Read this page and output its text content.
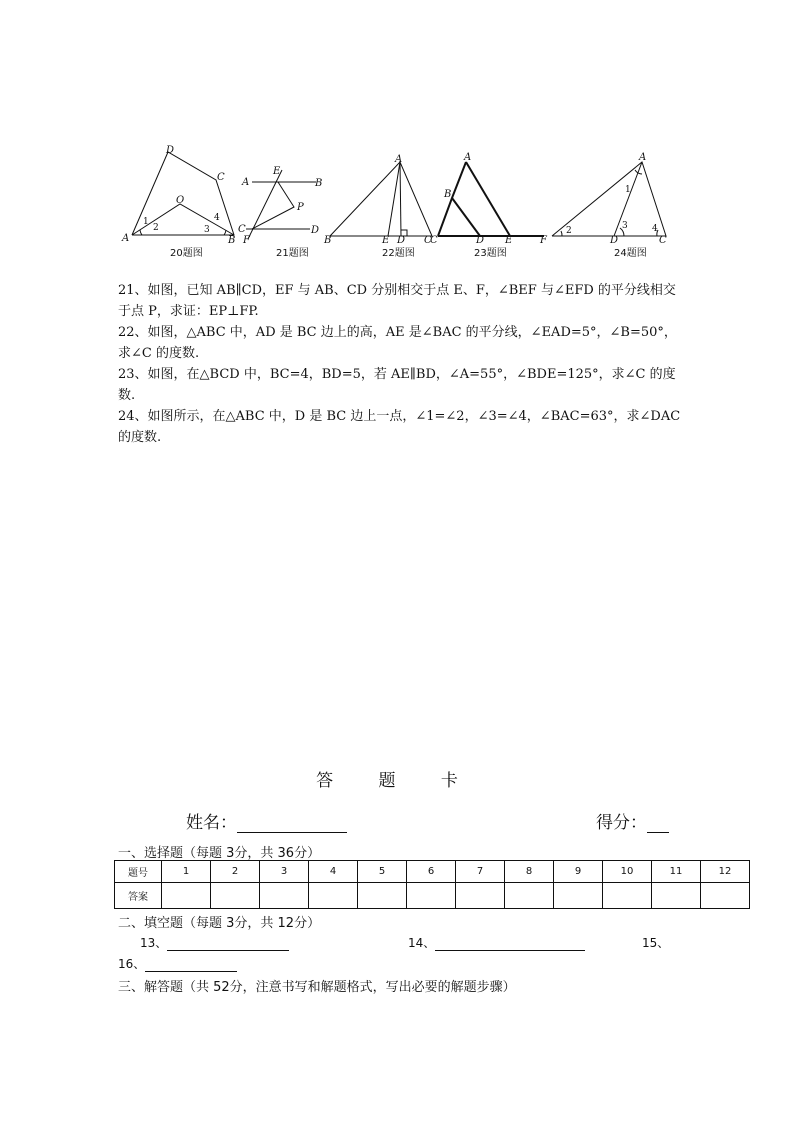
D
C
O
A	B
1
2	3
4
20题图
E
A	B
P
C	D
F
21题图
A
B	E D C
22题图
A
B
C	D E
23题图
A
F	D	C
1
2	3	4
24题图

21、如图，已知 AB∥CD，EF 与 AB、CD 分别相交于点 E、F，∠BEF 与∠EFD 的平分线相交于点 P，求证：EP⊥FP.

22、如图，△ABC 中，AD 是 BC 边上的高，AE 是∠BAC 的平分线，∠EAD=5°，∠B=50°，求∠C 的度数.

23、如图，在△BCD 中，BC=4，BD=5，若 AE∥BD，∠A=55°，∠BDE=125°，求∠C 的度数.

24、如图所示，在△ABC 中，D 是 BC 边上一点，∠1=∠2，∠3=∠4，∠BAC=63°，求∠DAC 的度数.

答 题 卡
姓名：	得分：
一、选择题（每题 3分，共 36分）
题号	1	2	3	4	5	6	7	8	9	10	11	12
答案												
二、填空题（每题 3分，共 12分）
13、	14、	15、
16、
三、解答题（共 52分，注意书写和解题格式，写出必要的解题步骤）
